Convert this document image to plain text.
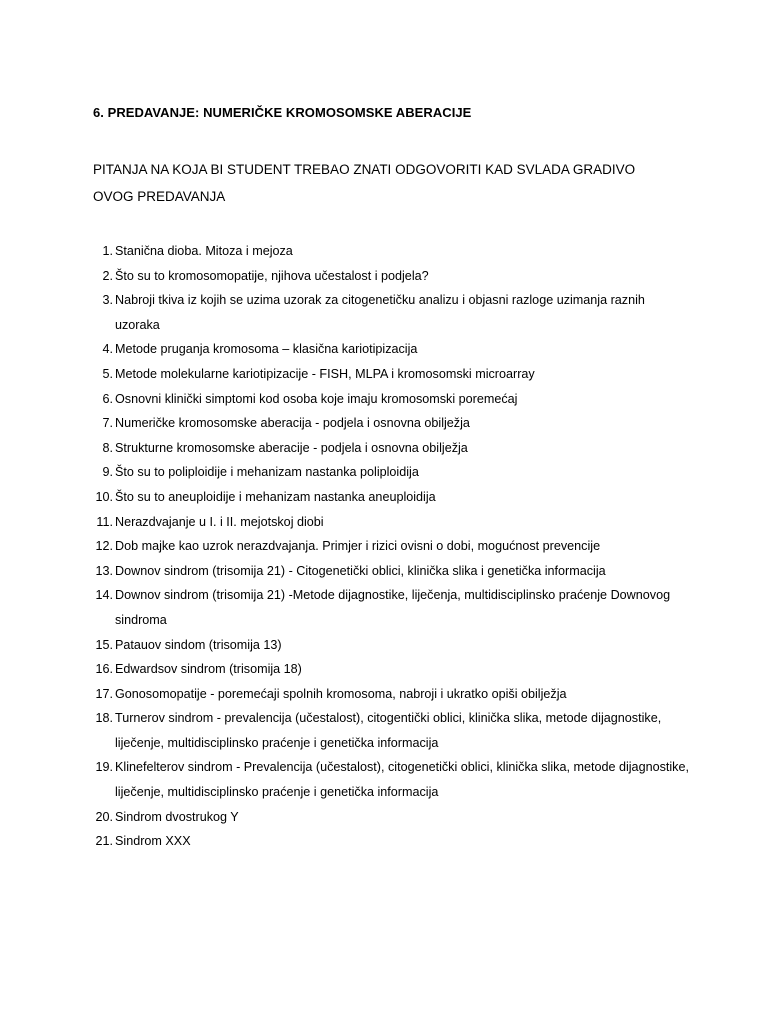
6. PREDAVANJE: NUMERIČKE KROMOSOMSKE ABERACIJE
PITANJA NA KOJA BI STUDENT TREBAO ZNATI ODGOVORITI KAD SVLADA GRADIVO OVOG PREDAVANJA
1. Stanična dioba. Mitoza i mejoza
2. Što su to kromosomopatije, njihova učestalost i podjela?
3. Nabroji tkiva iz kojih se uzima uzorak za citogenetičku analizu i objasni razloge uzimanja raznih uzoraka
4. Metode pruganja kromosoma – klasična kariotipizacija
5. Metode molekularne kariotipizacije - FISH, MLPA i kromosomski microarray
6. Osnovni klinički simptomi kod osoba koje imaju kromosomski poremećaj
7. Numeričke kromosomske aberacija - podjela i osnovna obilježja
8. Strukturne kromosomske aberacije - podjela i osnovna obilježja
9. Što su to poliploidije i mehanizam nastanka poliploidija
10. Što su to aneuploidije i mehanizam nastanka aneuploidija
11. Nerazdvajanje u I. i II. mejotskoj diobi
12. Dob majke kao uzrok nerazdvajanja. Primjer i rizici ovisni o dobi, mogućnost prevencije
13. Downov sindrom (trisomija 21) - Citogenetički oblici, klinička slika i genetička informacija
14. Downov sindrom (trisomija 21) -Metode dijagnostike, liječenja, multidisciplinsko praćenje Downovog sindroma
15. Patauov sindom (trisomija 13)
16. Edwardsov sindrom (trisomija 18)
17. Gonosomopatije - poremećaji spolnih kromosoma, nabroji i ukratko opiši obilježja
18. Turnerov sindrom - prevalencija (učestalost), citogentički oblici, klinička slika, metode dijagnostike, liječenje, multidisciplinsko praćenje i genetička informacija
19. Klinefelterov sindrom - Prevalencija (učestalost), citogenetički oblici, klinička slika, metode dijagnostike, liječenje, multidisciplinsko praćenje i genetička informacija
20. Sindrom dvostrukog Y
21. Sindrom XXX
